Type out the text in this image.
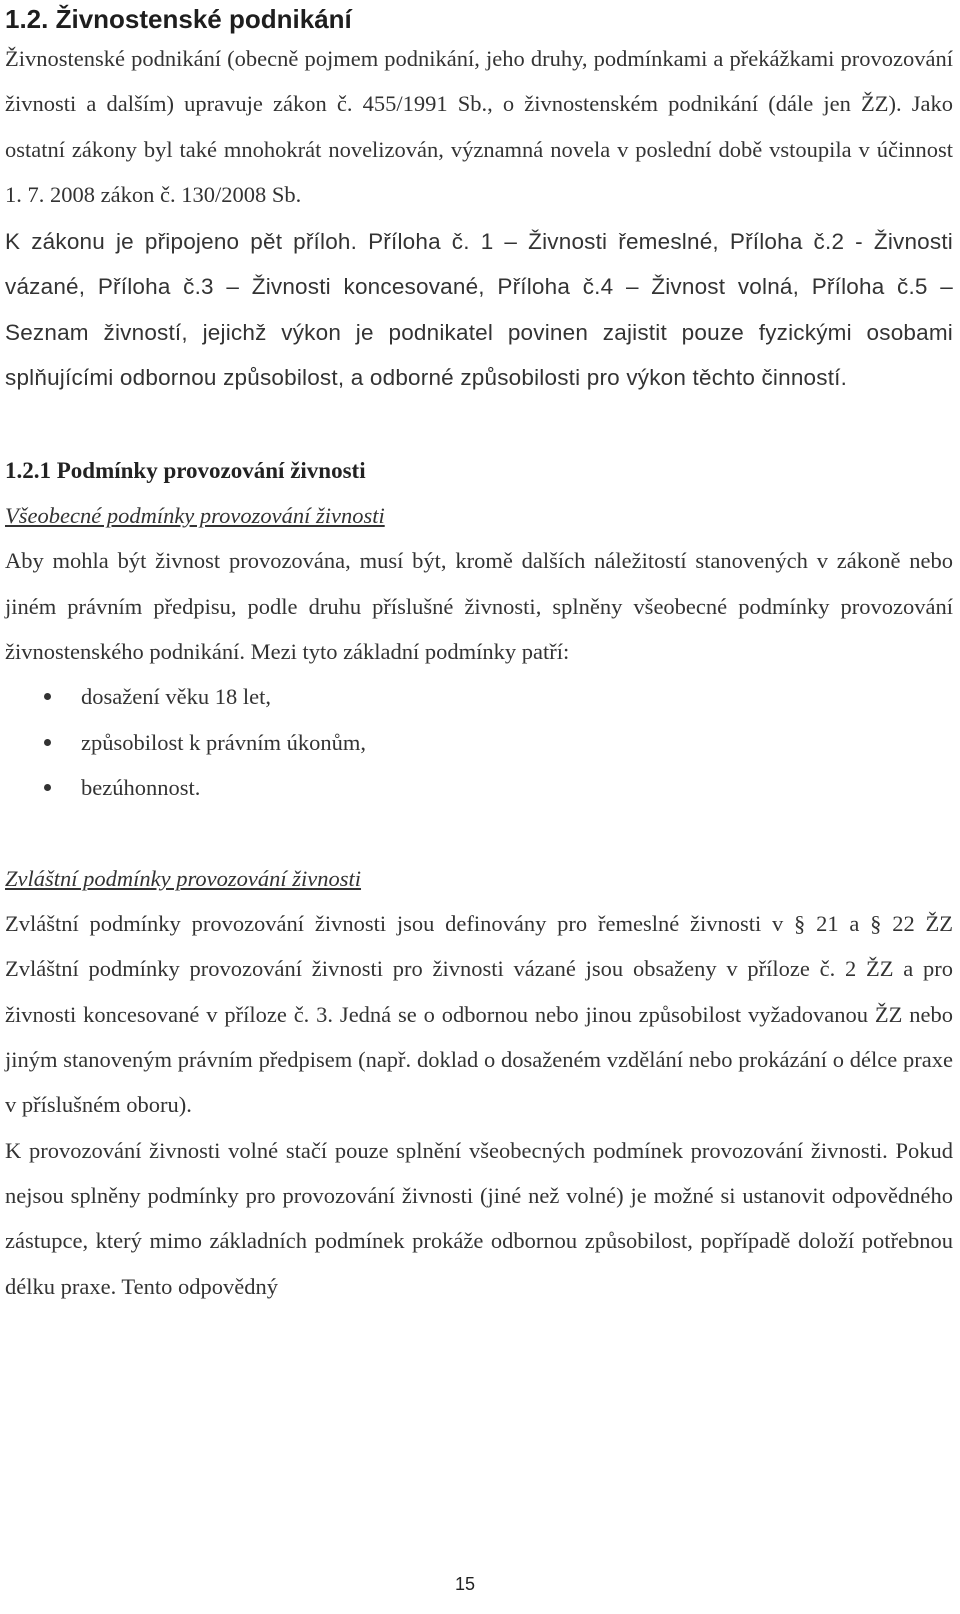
1.2. Živnostenské podnikání

Živnostenské podnikání (obecně pojmem podnikání, jeho druhy, podmínkami a překážkami provozování živnosti a dalším) upravuje zákon č. 455/1991 Sb., o živnostenském podnikání (dále jen ŽZ). Jako ostatní zákony byl také mnohokrát novelizován, významná novela v poslední době vstoupila v účinnost 1. 7. 2008 zákon č. 130/2008 Sb.

K zákonu je připojeno pět příloh. Příloha č. 1 – Živnosti řemeslné, Příloha č.2 - Živnosti vázané, Příloha č.3 – Živnosti koncesované, Příloha č.4 – Živnost volná, Příloha č.5 – Seznam živností, jejichž výkon je podnikatel povinen zajistit pouze fyzickými osobami splňujícími odbornou způsobilost, a odborné způsobilosti pro výkon těchto činností.

1.2.1 Podmínky provozování živnosti

Všeobecné podmínky provozování živnosti

Aby mohla být živnost provozována, musí být, kromě dalších náležitostí stanovených v zákoně nebo jiném právním předpisu, podle druhu příslušné živnosti, splněny všeobecné podmínky provozování živnostenského podnikání. Mezi tyto základní podmínky patří:

dosažení věku 18 let,
způsobilost k právním úkonům,
bezúhonnost.

Zvláštní podmínky provozování živnosti

Zvláštní podmínky provozování živnosti jsou definovány pro řemeslné živnosti v § 21 a § 22 ŽZ Zvláštní podmínky provozování živnosti pro živnosti vázané jsou obsaženy v příloze č. 2 ŽZ a pro živnosti koncesované v příloze č. 3. Jedná se o odbornou nebo jinou způsobilost vyžadovanou ŽZ nebo jiným stanoveným právním předpisem (např. doklad o dosaženém vzdělání nebo prokázání o délce praxe v příslušném oboru).

K provozování živnosti volné stačí pouze splnění všeobecných podmínek provozování živnosti. Pokud nejsou splněny podmínky pro provozování živnosti (jiné než volné) je možné si ustanovit odpovědného zástupce, který mimo základních podmínek prokáže odbornou způsobilost, popřípadě doloží potřebnou délku praxe. Tento odpovědný

15
